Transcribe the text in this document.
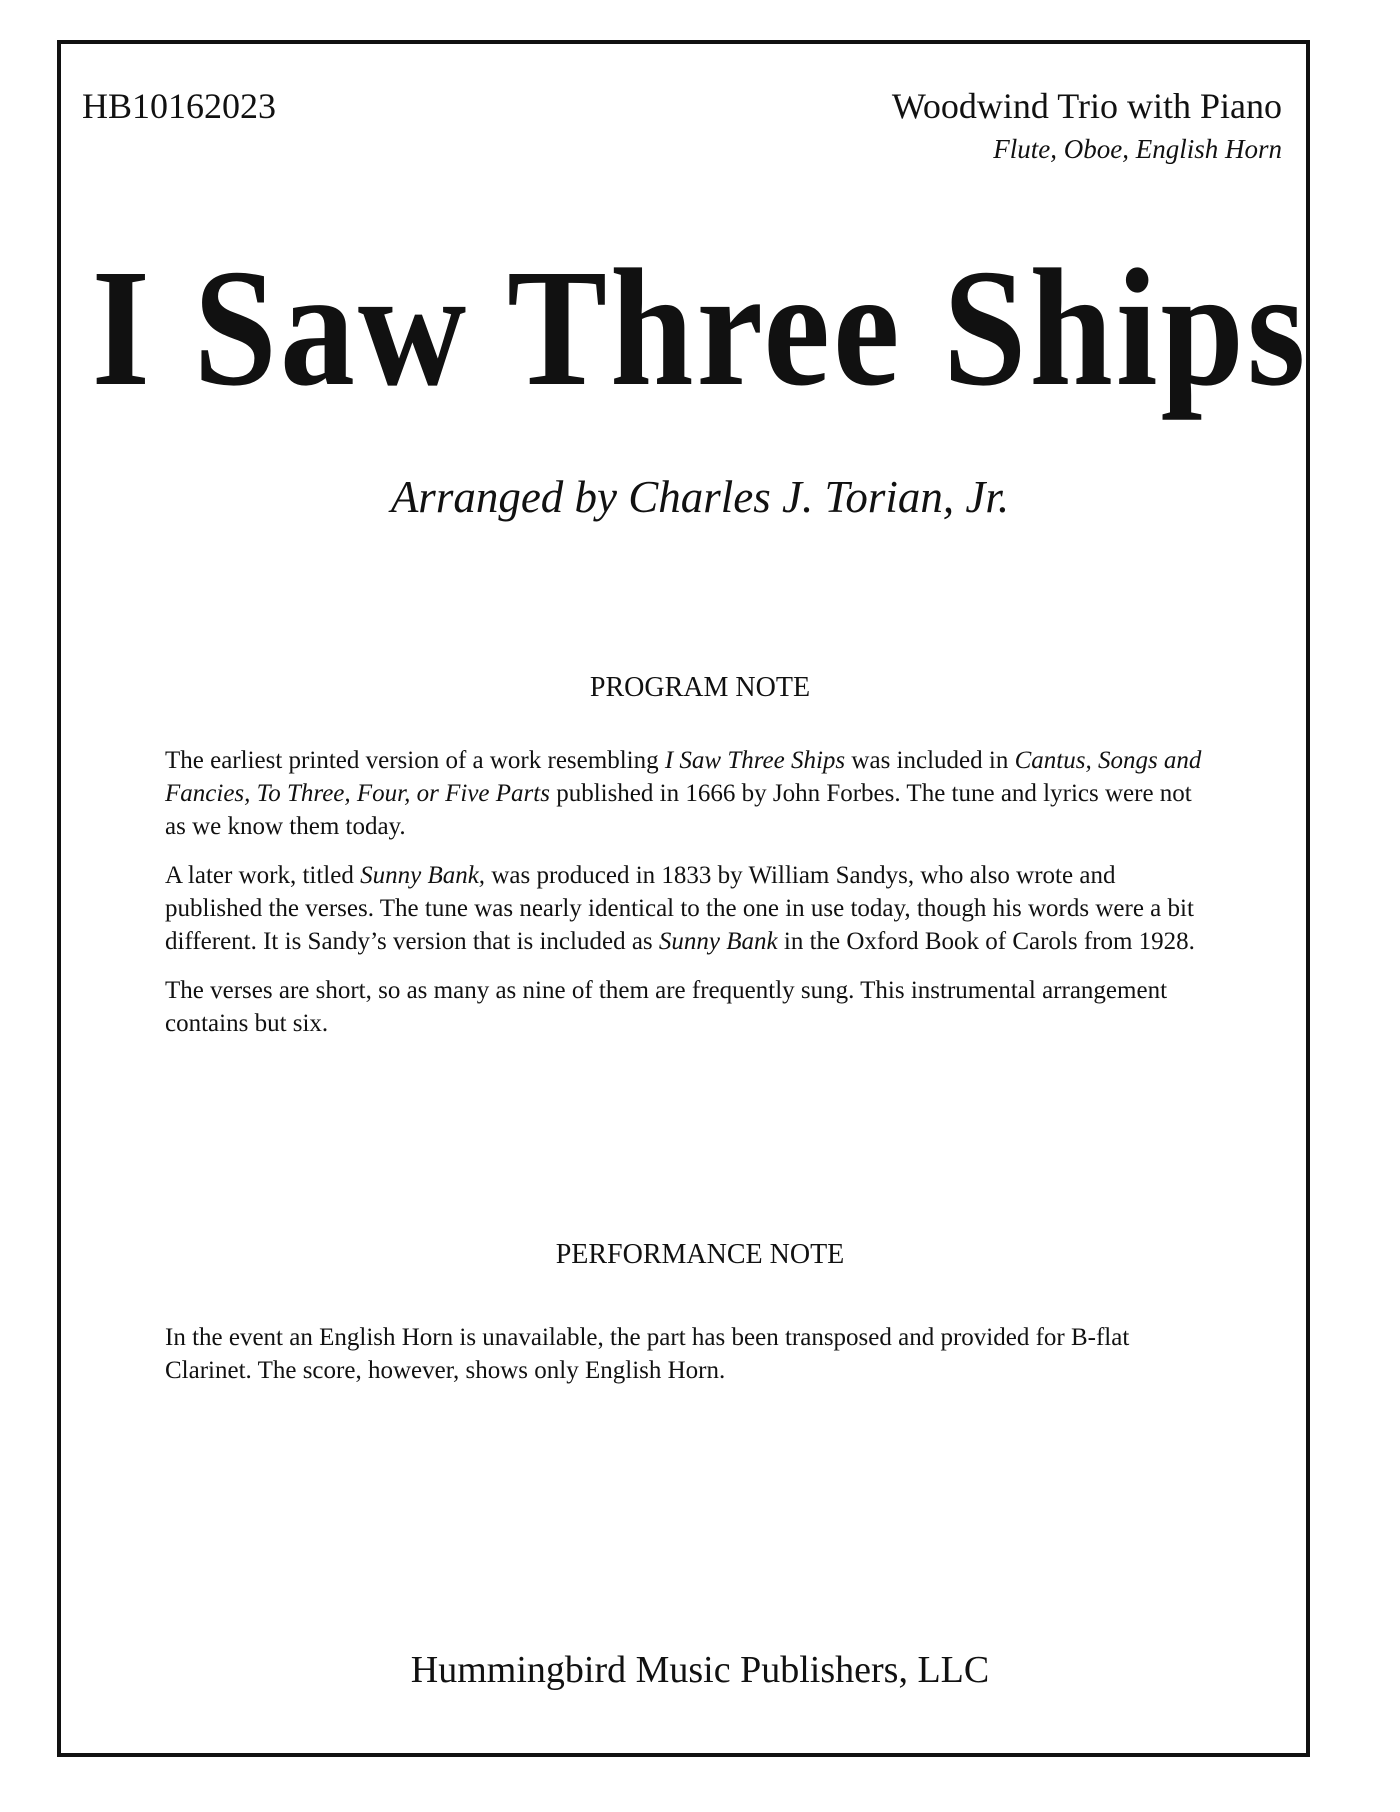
HB10162023	Woodwind Trio with Piano
Flute, Oboe, English Horn
I Saw Three Ships
Arranged by Charles J. Torian, Jr.
PROGRAM NOTE

The earliest printed version of a work resembling I Saw Three Ships was included in Cantus, Songs and Fancies, To Three, Four, or Five Parts published in 1666 by John Forbes. The tune and lyrics were not as we know them today.

A later work, titled Sunny Bank, was produced in 1833 by William Sandys, who also wrote and published the verses. The tune was nearly identical to the one in use today, though his words were a bit different. It is Sandy’s version that is included as Sunny Bank in the Oxford Book of Carols from 1928.

The verses are short, so as many as nine of them are frequently sung. This instrumental arrangement contains but six.

PERFORMANCE NOTE

In the event an English Horn is unavailable, the part has been transposed and provided for B-flat Clarinet. The score, however, shows only English Horn.

Hummingbird Music Publishers, LLC
